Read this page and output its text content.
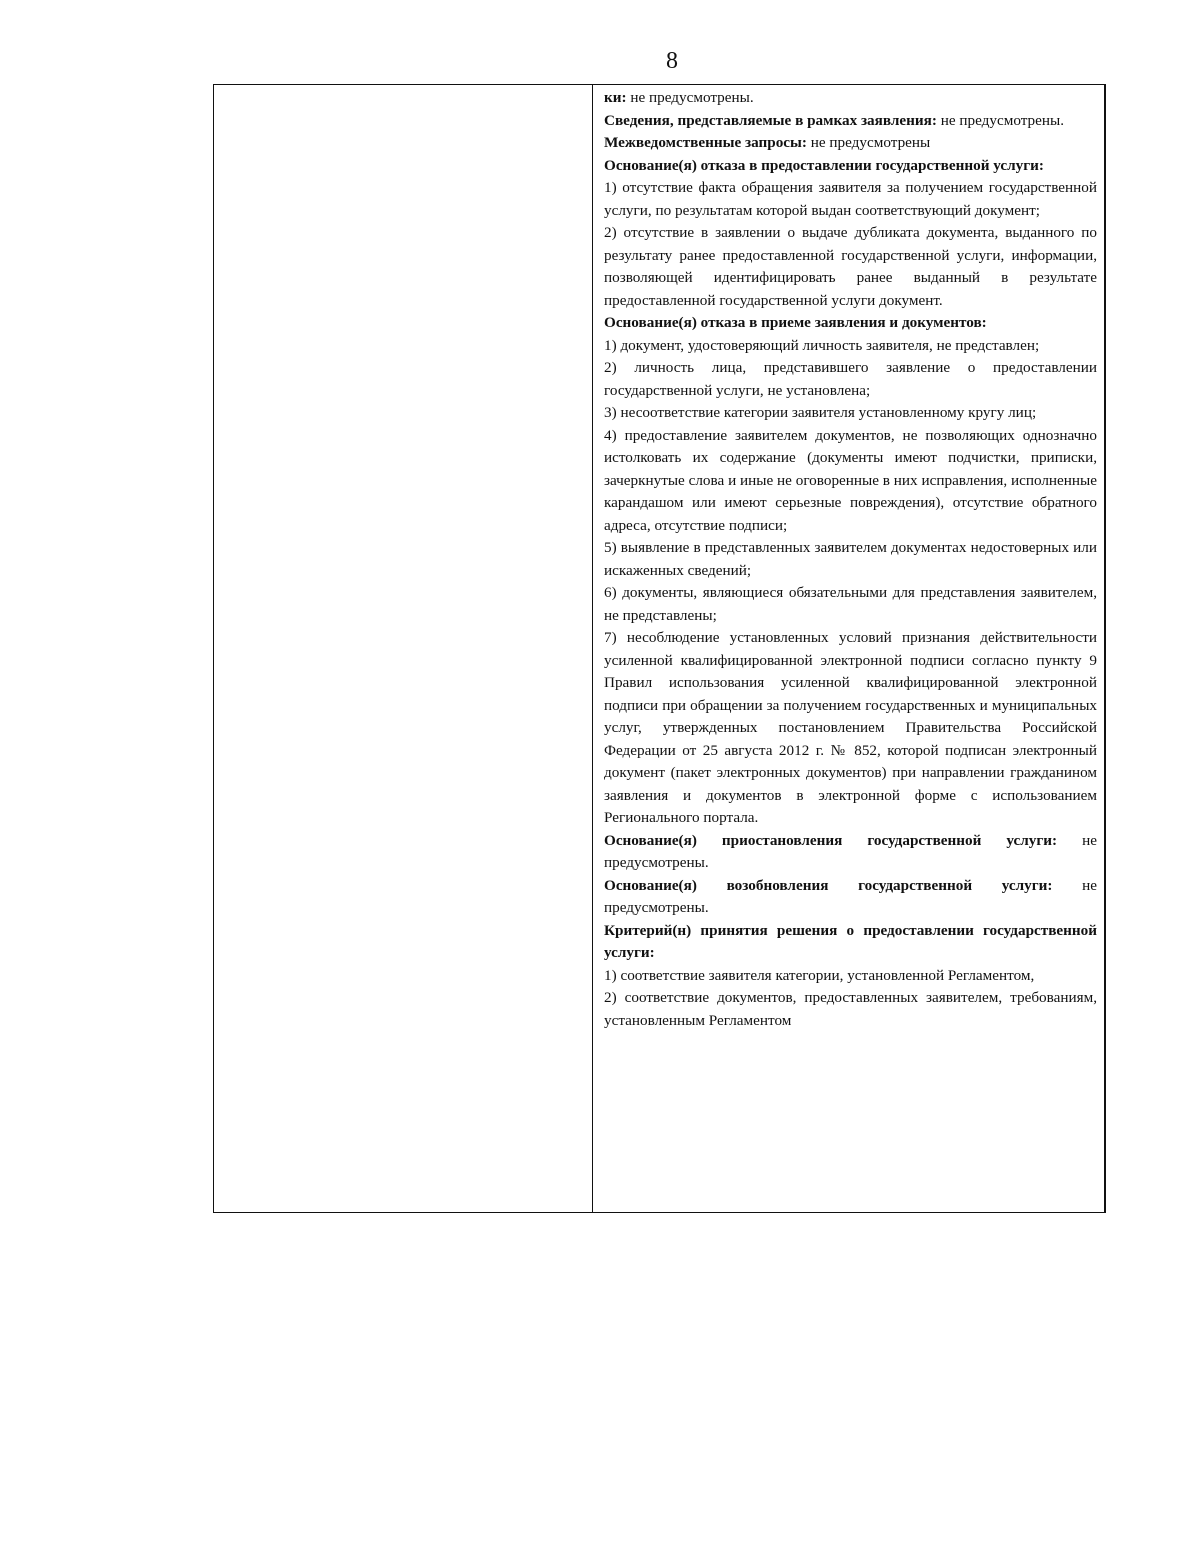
8

ки: не предусмотрены.

Сведения, представляемые в рамках заявления: не предусмотрены.

Межведомственные запросы: не предусмотрены

Основание(я) отказа в предоставлении государственной услуги:

1) отсутствие факта обращения заявителя за получением государственной услуги, по результатам которой выдан соответствующий документ;

2) отсутствие в заявлении о выдаче дубликата документа, выданного по результату ранее предоставленной государственной услуги, информации, позволяющей идентифицировать ранее выданный в результате предоставленной государственной услуги документ.

Основание(я) отказа в приеме заявления и документов:

1) документ, удостоверяющий личность заявителя, не представлен;

2) личность лица, представившего заявление о предоставлении государственной услуги, не установлена;

3) несоответствие категории заявителя установленному кругу лиц;

4) предоставление заявителем документов, не позволяющих однозначно истолковать их содержание (документы имеют подчистки, приписки, зачеркнутые слова и иные не оговоренные в них исправления, исполненные карандашом или имеют серьезные повреждения), отсутствие обратного адреса, отсутствие подписи;

5) выявление в представленных заявителем документах недостоверных или искаженных сведений;

6) документы, являющиеся обязательными для представления заявителем, не представлены;

7) несоблюдение установленных условий признания действительности усиленной квалифицированной электронной подписи согласно пункту 9 Правил использования усиленной квалифицированной электронной подписи при обращении за получением государственных и муниципальных услуг, утвержденных постановлением Правительства Российской Федерации от 25 августа 2012 г. № 852, которой подписан электронный документ (пакет электронных документов) при направлении гражданином заявления и документов в электронной форме с использованием Регионального портала.

Основание(я) приостановления государственной услуги: не предусмотрены.

Основание(я) возобновления государственной услуги: не предусмотрены.

Критерий(н) принятия решения о предоставлении государственной услуги:

1) соответствие заявителя категории, установленной Регламентом,

2) соответствие документов, предоставленных заявителем, требованиям, установленным Регламентом
